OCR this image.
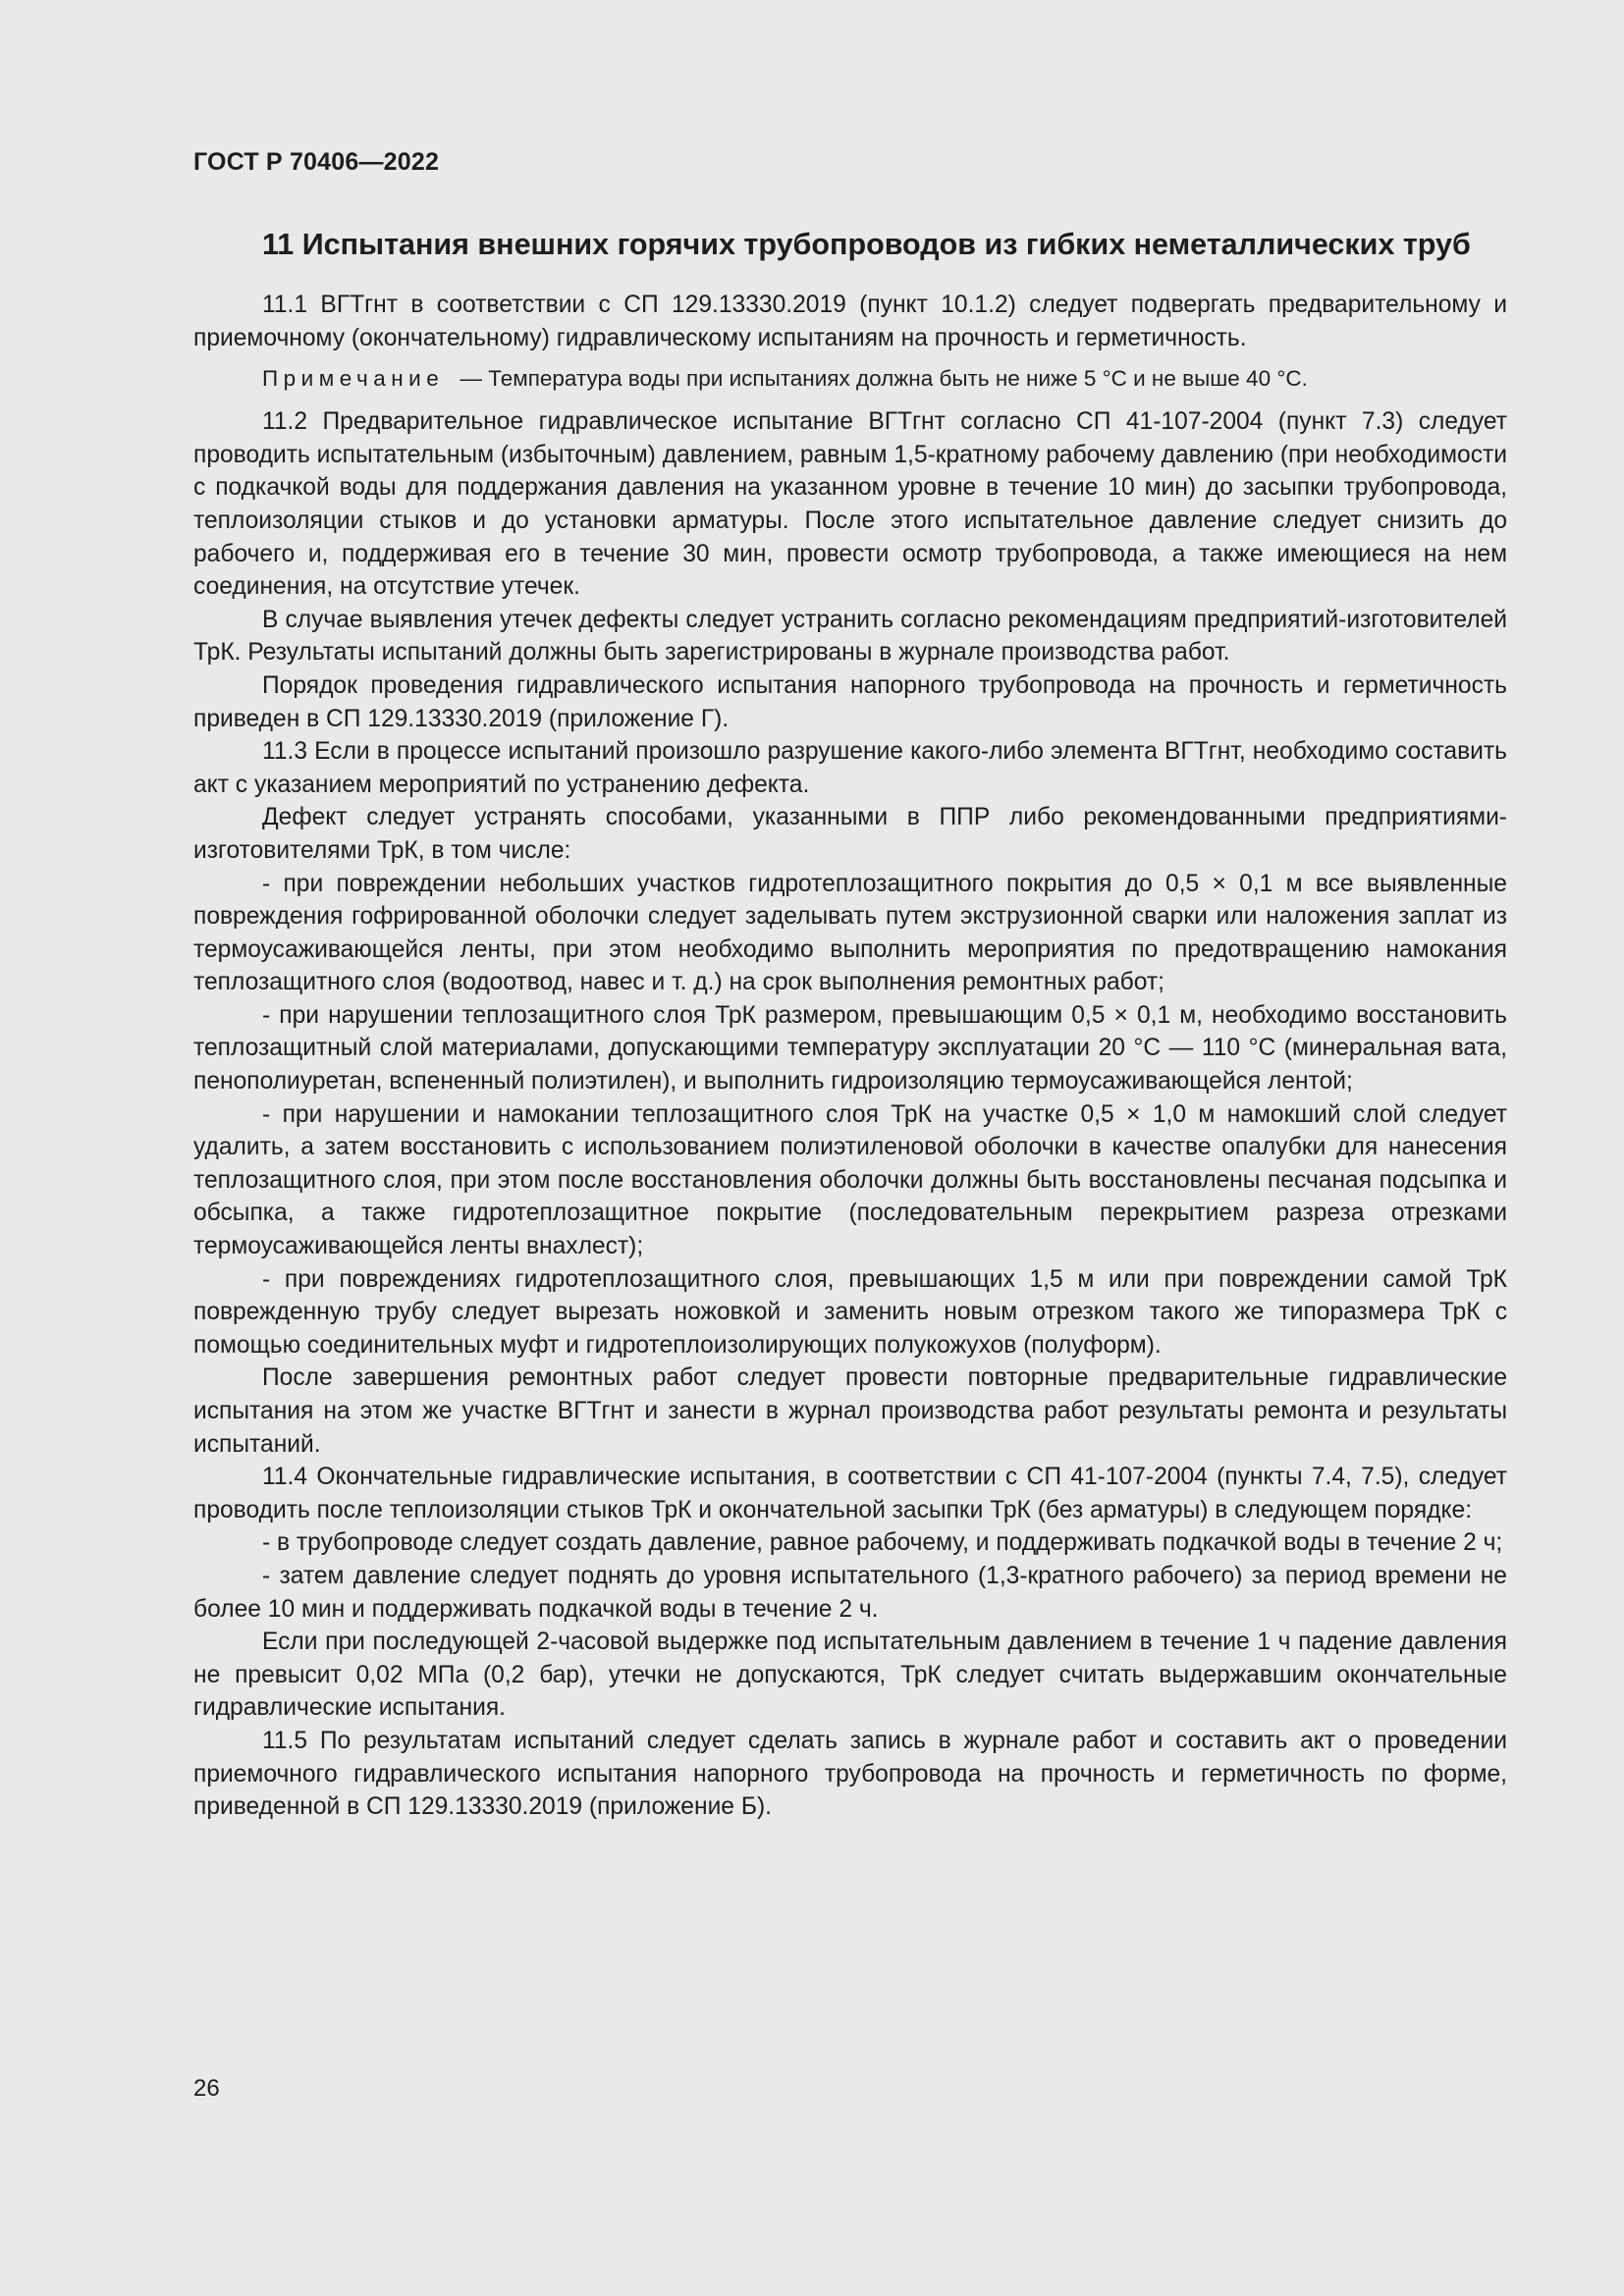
ГОСТ Р 70406—2022
11 Испытания внешних горячих трубопроводов из гибких неметаллических труб

11.1 ВГТгнт в соответствии с СП 129.13330.2019 (пункт 10.1.2) следует подвергать предварительному и приемочному (окончательному) гидравлическому испытаниям на прочность и герметичность.

Примечание — Температура воды при испытаниях должна быть не ниже 5 °С и не выше 40 °С.

11.2 Предварительное гидравлическое испытание ВГТгнт согласно СП 41-107-2004 (пункт 7.3) следует проводить испытательным (избыточным) давлением, равным 1,5-кратному рабочему давлению (при необходимости с подкачкой воды для поддержания давления на указанном уровне в течение 10 мин) до засыпки трубопровода, теплоизоляции стыков и до установки арматуры. После этого испытательное давление следует снизить до рабочего и, поддерживая его в течение 30 мин, провести осмотр трубопровода, а также имеющиеся на нем соединения, на отсутствие утечек.

В случае выявления утечек дефекты следует устранить согласно рекомендациям предприятий-изготовителей ТрК. Результаты испытаний должны быть зарегистрированы в журнале производства работ.

Порядок проведения гидравлического испытания напорного трубопровода на прочность и герметичность приведен в СП 129.13330.2019 (приложение Г).

11.3 Если в процессе испытаний произошло разрушение какого-либо элемента ВГТгнт, необходимо составить акт с указанием мероприятий по устранению дефекта.

Дефект следует устранять способами, указанными в ППР либо рекомендованными предприятиями-изготовителями ТрК, в том числе:

- при повреждении небольших участков гидротеплозащитного покрытия до 0,5 × 0,1 м все выявленные повреждения гофрированной оболочки следует заделывать путем экструзионной сварки или наложения заплат из термоусаживающейся ленты, при этом необходимо выполнить мероприятия по предотвращению намокания теплозащитного слоя (водоотвод, навес и т. д.) на срок выполнения ремонтных работ;

- при нарушении теплозащитного слоя ТрК размером, превышающим 0,5 × 0,1 м, необходимо восстановить теплозащитный слой материалами, допускающими температуру эксплуатации 20 °С — 110 °С (минеральная вата, пенополиуретан, вспененный полиэтилен), и выполнить гидроизоляцию термоусаживающейся лентой;

- при нарушении и намокании теплозащитного слоя ТрК на участке 0,5 × 1,0 м намокший слой следует удалить, а затем восстановить с использованием полиэтиленовой оболочки в качестве опалубки для нанесения теплозащитного слоя, при этом после восстановления оболочки должны быть восстановлены песчаная подсыпка и обсыпка, а также гидротеплозащитное покрытие (последовательным перекрытием разреза отрезками термоусаживающейся ленты внахлест);

- при повреждениях гидротеплозащитного слоя, превышающих 1,5 м или при повреждении самой ТрК поврежденную трубу следует вырезать ножовкой и заменить новым отрезком такого же типоразмера ТрК с помощью соединительных муфт и гидротеплоизолирующих полукожухов (полуформ).

После завершения ремонтных работ следует провести повторные предварительные гидравлические испытания на этом же участке ВГТгнт и занести в журнал производства работ результаты ремонта и результаты испытаний.

11.4 Окончательные гидравлические испытания, в соответствии с СП 41-107-2004 (пункты 7.4, 7.5), следует проводить после теплоизоляции стыков ТрК и окончательной засыпки ТрК (без арматуры) в следующем порядке:

- в трубопроводе следует создать давление, равное рабочему, и поддерживать подкачкой воды в течение 2 ч;

- затем давление следует поднять до уровня испытательного (1,3-кратного рабочего) за период времени не более 10 мин и поддерживать подкачкой воды в течение 2 ч.

Если при последующей 2-часовой выдержке под испытательным давлением в течение 1 ч падение давления не превысит 0,02 МПа (0,2 бар), утечки не допускаются, ТрК следует считать выдержавшим окончательные гидравлические испытания.

11.5 По результатам испытаний следует сделать запись в журнале работ и составить акт о проведении приемочного гидравлического испытания напорного трубопровода на прочность и герметичность по форме, приведенной в СП 129.13330.2019 (приложение Б).

26
